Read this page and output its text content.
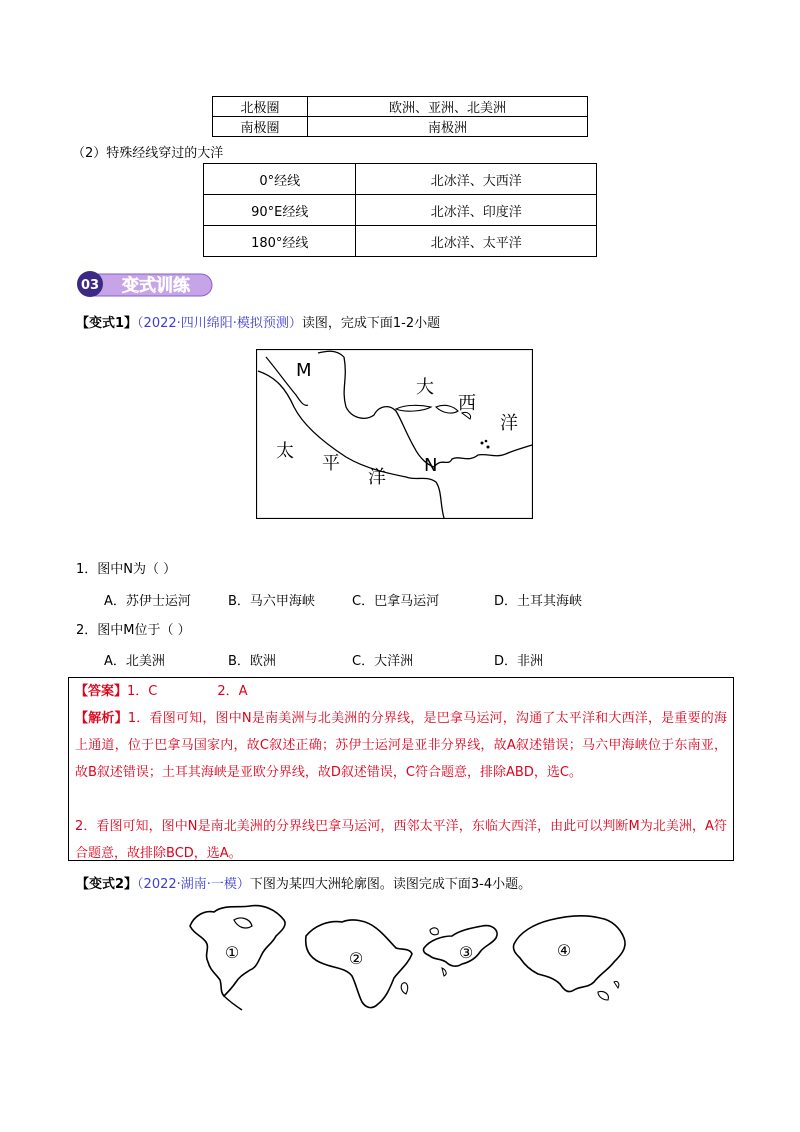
北极圈	欧洲、亚洲、北美洲
南极圈	南极洲
（2）特殊经线穿过的大洋
0°经线	北冰洋、大西洋
90°E经线	北冰洋、印度洋
180°经线	北冰洋、太平洋
03 变式训练
【变式1】（2022·四川绵阳·模拟预测）读图，完成下面1-2小题
M
大
西
洋
太
平
洋
N
1．图中N为（ ）
A．苏伊士运河	B．马六甲海峡	C．巴拿马运河	D．土耳其海峡
2．图中M位于（ ）
A．北美洲	B．欧洲	C．大洋洲	D．非洲
【答案】1．C	2．A
【解析】1．看图可知，图中N是南美洲与北美洲的分界线，是巴拿马运河，沟通了太平洋和大西洋，是重要的海上通道，位于巴拿马国家内，故C叙述正确；苏伊士运河是亚非分界线，故A叙述错误；马六甲海峡位于东南亚，故B叙述错误；土耳其海峡是亚欧分界线，故D叙述错误，C符合题意，排除ABD，选C。
2．看图可知，图中N是南北美洲的分界线巴拿马运河，西邻太平洋，东临大西洋，由此可以判断M为北美洲，A符合题意，故排除BCD，选A。
【变式2】（2022·湖南·一模）下图为某四大洲轮廓图。读图完成下面3-4小题。
①	②	③	④
